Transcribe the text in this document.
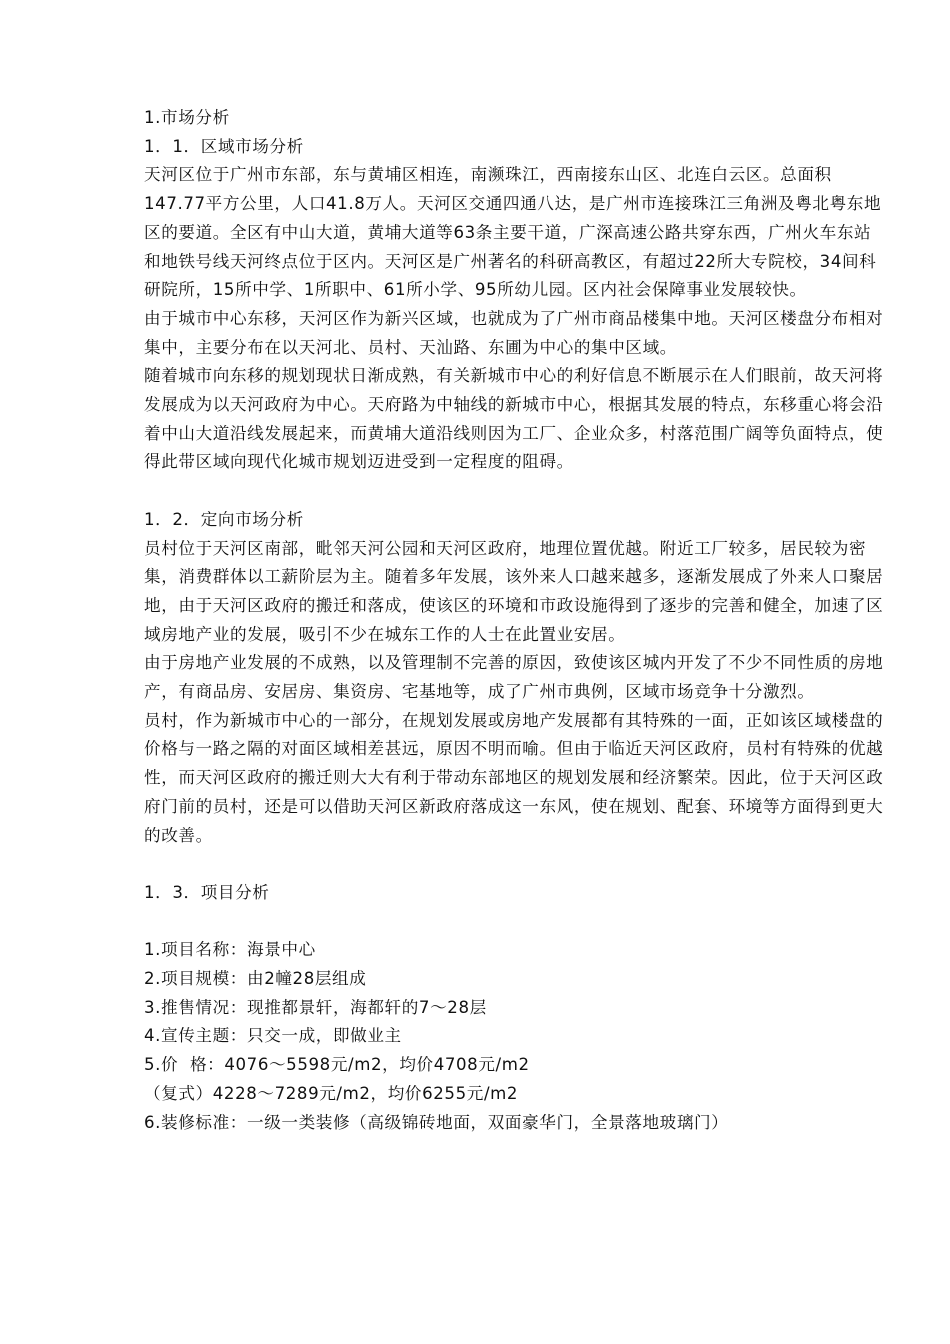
1.市场分析

1．1．区域市场分析

天河区位于广州市东部，东与黄埔区相连，南濒珠江，西南接东山区、北连白云区。总面积147.77平方公里，人口41.8万人。天河区交通四通八达，是广州市连接珠江三角洲及粤北粤东地区的要道。全区有中山大道，黄埔大道等63条主要干道，广深高速公路共穿东西，广州火车东站和地铁号线天河终点位于区内。天河区是广州著名的科研高教区，有超过22所大专院校，34间科研院所，15所中学、1所职中、61所小学、95所幼儿园。区内社会保障事业发展较快。

由于城市中心东移，天河区作为新兴区域，也就成为了广州市商品楼集中地。天河区楼盘分布相对集中，主要分布在以天河北、员村、天汕路、东圃为中心的集中区域。

随着城市向东移的规划现状日渐成熟，有关新城市中心的利好信息不断展示在人们眼前，故天河将发展成为以天河政府为中心。天府路为中轴线的新城市中心，根据其发展的特点，东移重心将会沿着中山大道沿线发展起来，而黄埔大道沿线则因为工厂、企业众多，村落范围广阔等负面特点，使得此带区域向现代化城市规划迈进受到一定程度的阻碍。

1．2．定向市场分析

员村位于天河区南部，毗邻天河公园和天河区政府，地理位置优越。附近工厂较多，居民较为密集，消费群体以工薪阶层为主。随着多年发展，该外来人口越来越多，逐渐发展成了外来人口聚居地，由于天河区政府的搬迁和落成，使该区的环境和市政设施得到了逐步的完善和健全，加速了区域房地产业的发展，吸引不少在城东工作的人士在此置业安居。

由于房地产业发展的不成熟，以及管理制不完善的原因，致使该区城内开发了不少不同性质的房地产，有商品房、安居房、集资房、宅基地等，成了广州市典例，区域市场竞争十分激烈。

员村，作为新城市中心的一部分，在规划发展或房地产发展都有其特殊的一面，正如该区域楼盘的价格与一路之隔的对面区域相差甚远，原因不明而喻。但由于临近天河区政府，员村有特殊的优越性，而天河区政府的搬迁则大大有利于带动东部地区的规划发展和经济繁荣。因此，位于天河区政府门前的员村，还是可以借助天河区新政府落成这一东风，使在规划、配套、环境等方面得到更大的改善。

1．3．项目分析

1.项目名称：海景中心

2.项目规模：由2幢28层组成

3.推售情况：现推都景轩，海都轩的7～28层

4.宣传主题：只交一成，即做业主

5.价  格：4076～5598元/m2，均价4708元/m2

（复式）4228～7289元/m2，均价6255元/m2

6.装修标准：一级一类装修（高级锦砖地面，双面豪华门，全景落地玻璃门）
